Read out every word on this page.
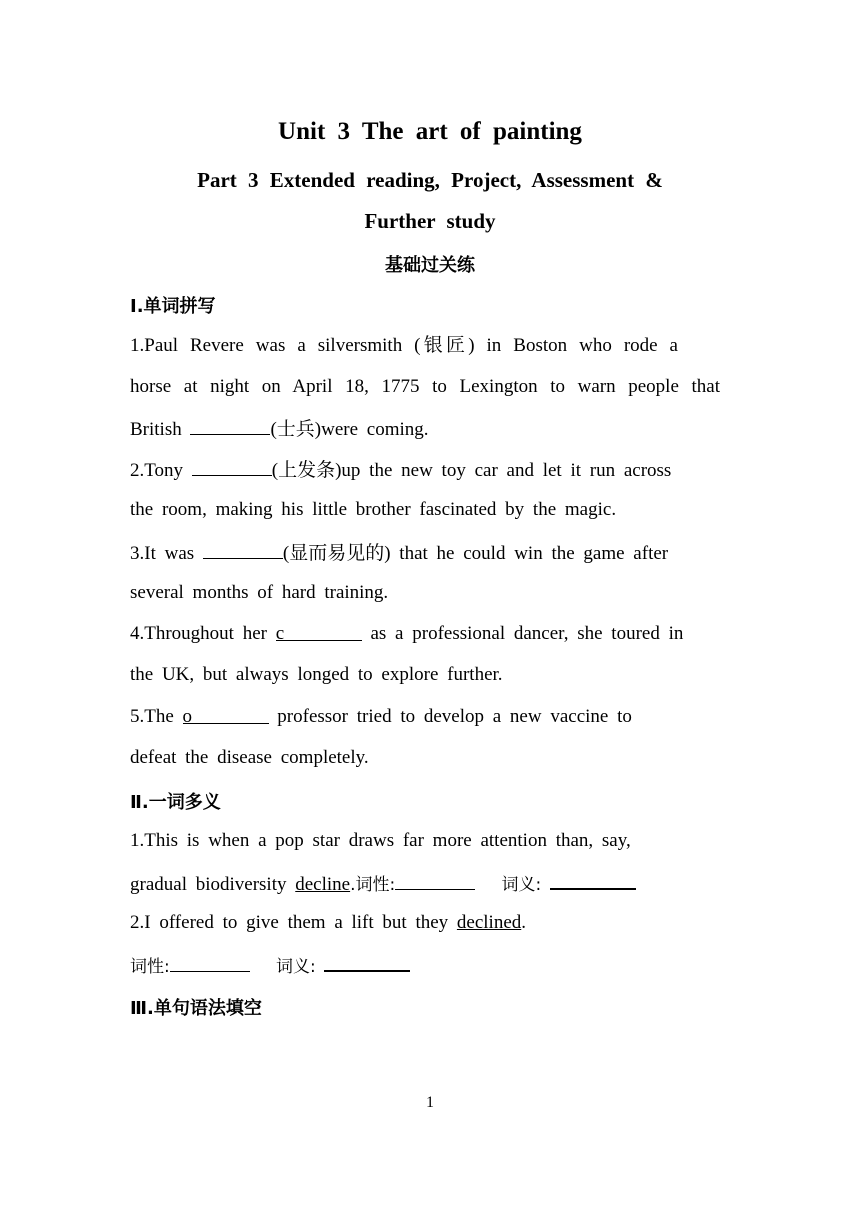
Unit 3 The art of painting
Part 3 Extended reading, Project, Assessment &
Further study
基础过关练
Ⅰ.单词拼写
1.Paul Revere was a silversmith (银匠) in Boston who rode a
horse at night on April 18, 1775 to Lexington to warn people that
British	(士兵)were coming.
2.Tony	(上发条)up the new toy car and let it run across
the room, making his little brother fascinated by the magic.
3.It was	(显而易见的) that he could win the game after
several months of hard training.
4.Throughout her c	as a professional dancer, she toured in
the UK, but always longed to explore further.
5.The o	professor tried to develop a new vaccine to
defeat the disease completely.
Ⅱ.一词多义
1.This is when a pop star draws far more attention than, say,
gradual biodiversity decline.词性:	词义:
2.I offered to give them a lift but they declined.
词性:	词义:
Ⅲ.单句语法填空
1
